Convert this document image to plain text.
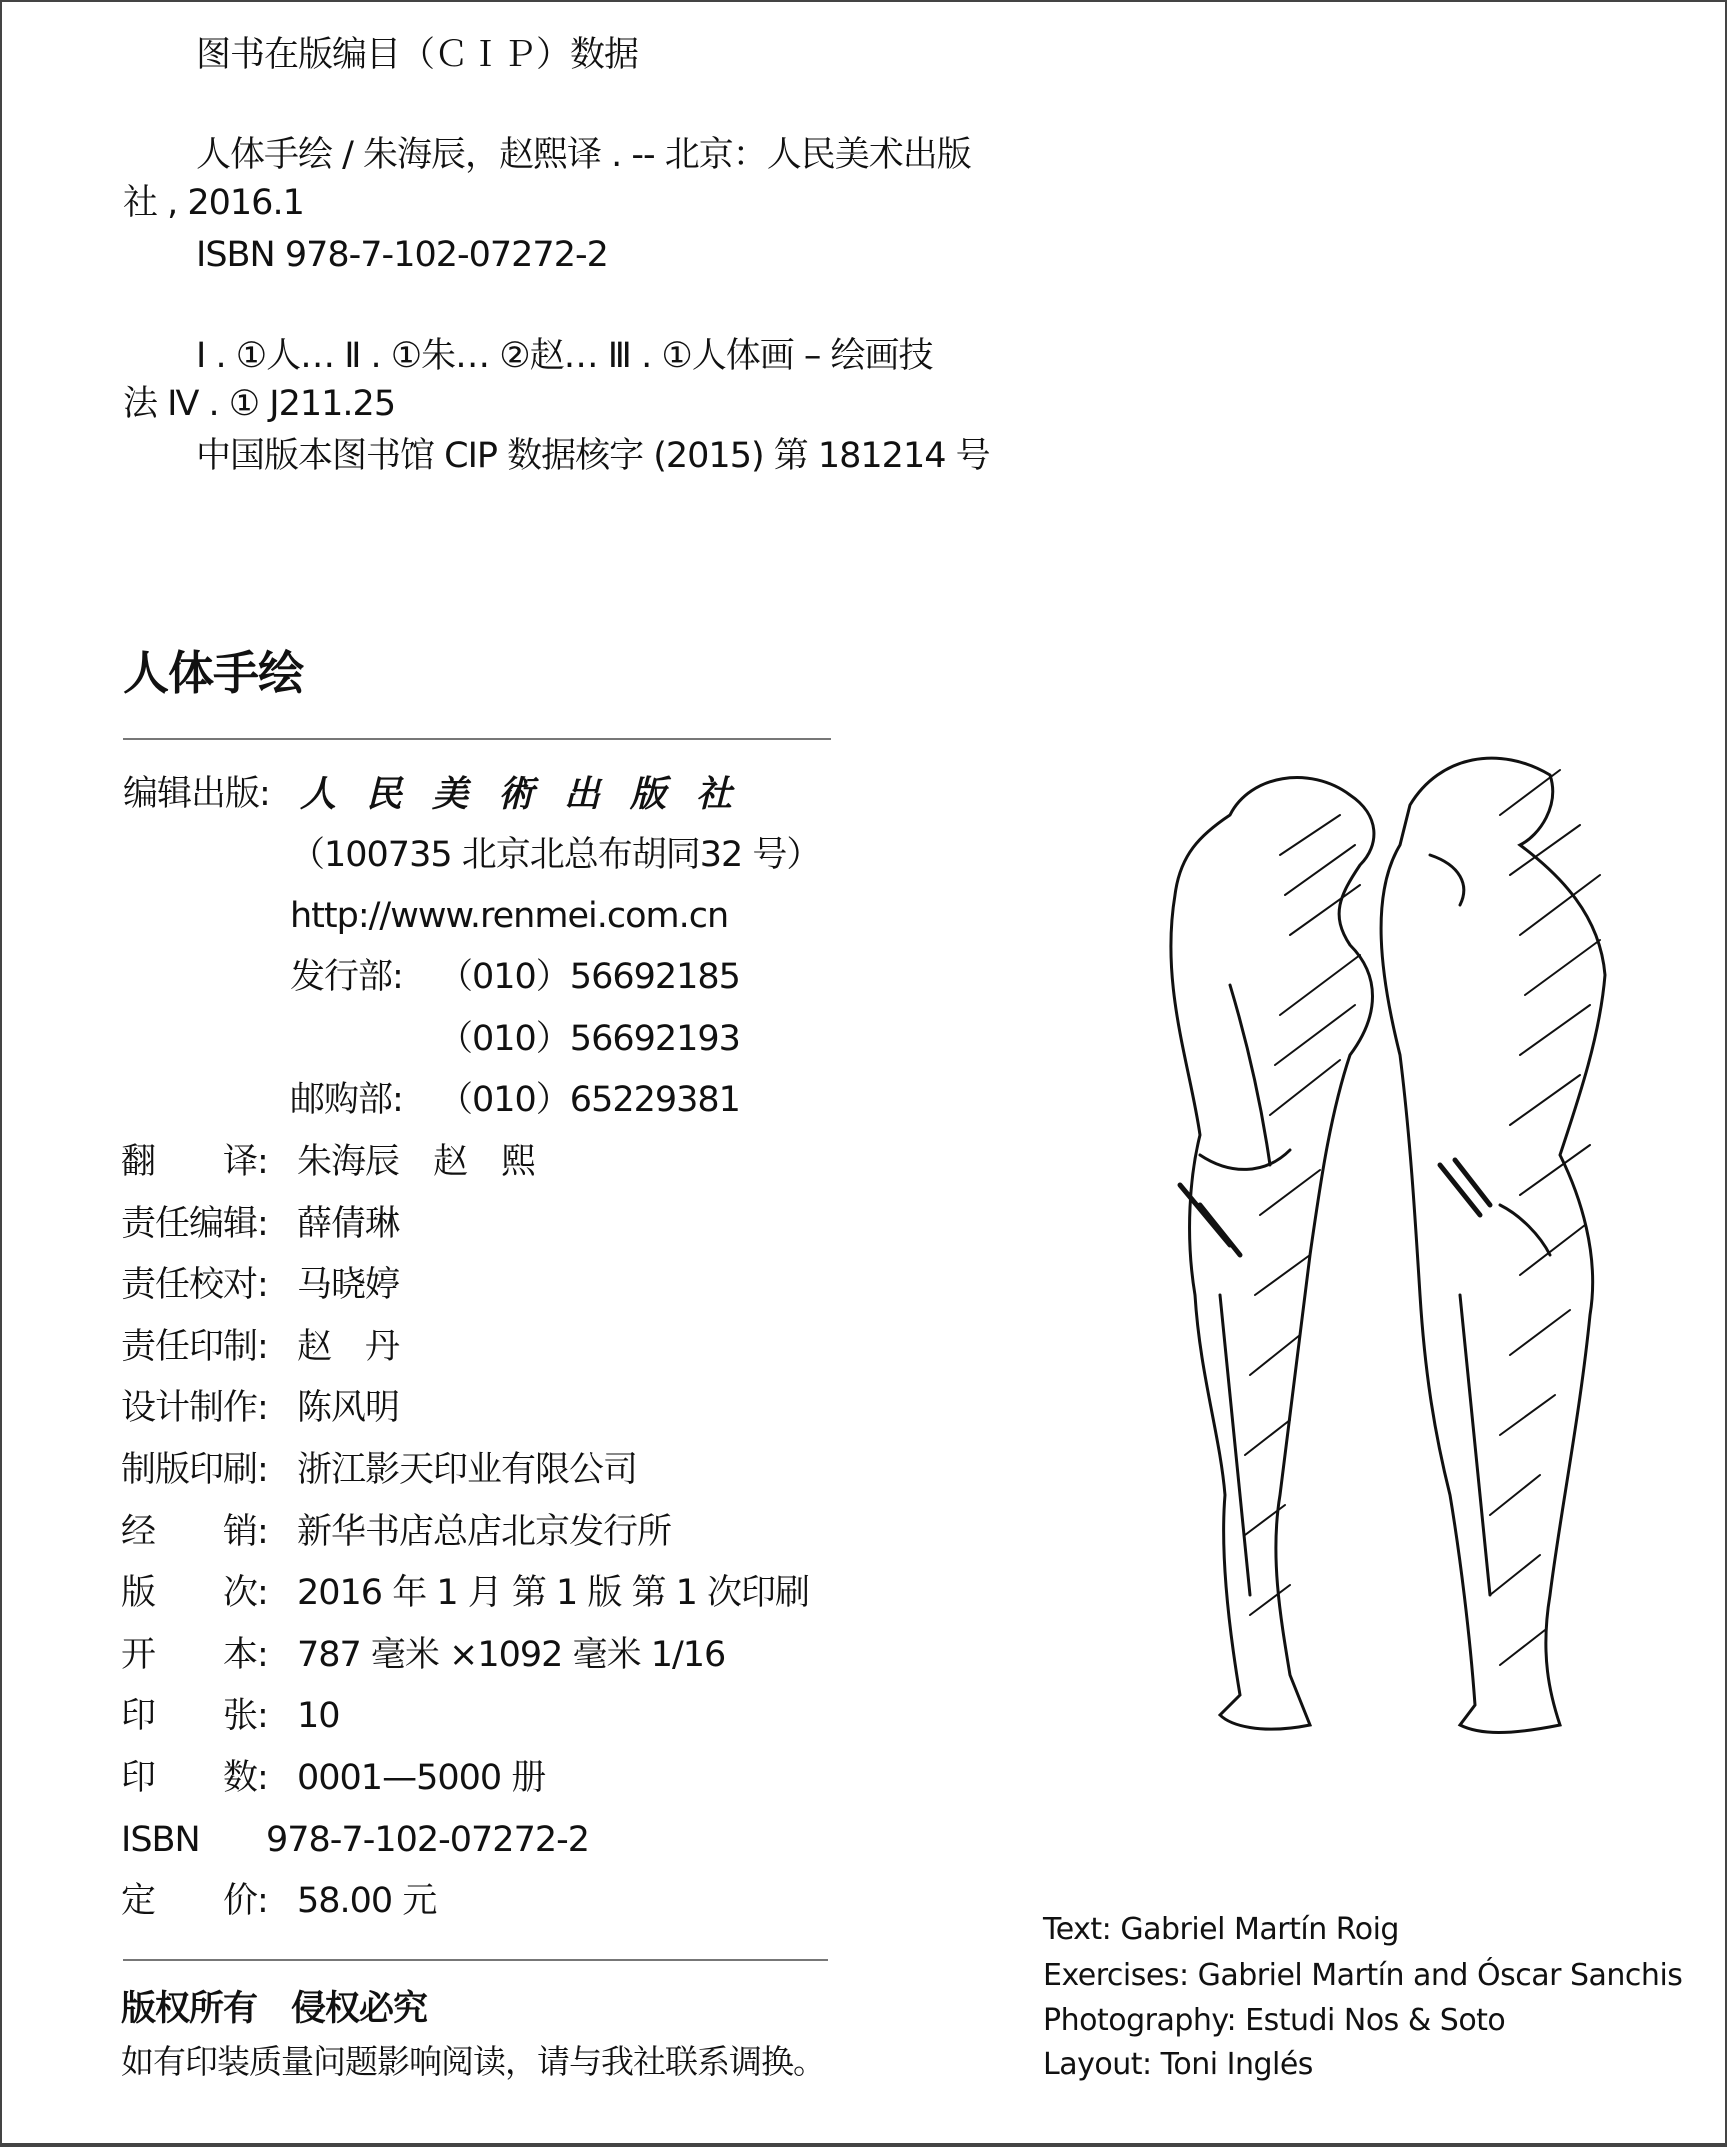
图书在版编目（ＣＩＰ）数据
人体手绘 / 朱海辰，赵熙译 . -- 北京：人民美术出版
社 , 2016.1
ISBN 978-7-102-07272-2
Ⅰ . ①人… Ⅱ . ①朱… ②赵… Ⅲ . ①人体画 – 绘画技
法 Ⅳ . ① J211.25
中国版本图书馆 CIP 数据核字 (2015) 第 181214 号
人体手绘
编辑出版: 人民美術出版社
（100735 北京北总布胡同32 号）
http://www.renmei.com.cn
发行部: （010）56692185
（010）56692193
邮购部: （010）65229381
翻　　译: 朱海辰　赵　熙
责任编辑: 薛倩琳
责任校对: 马晓婷
责任印制: 赵　丹
设计制作: 陈风明
制版印刷: 浙江影天印业有限公司
经　　销: 新华书店总店北京发行所
版　　次: 2016 年 1 月 第 1 版 第 1 次印刷
开　　本: 787 毫米 ×1092 毫米 1/16
印　　张: 10
印　　数: 0001—5000 册
ISBN 978-7-102-07272-2
定　　价: 58.00 元
版权所有　侵权必究
如有印装质量问题影响阅读，请与我社联系调换。
Text: Gabriel Martín Roig
Exercises: Gabriel Martín and Óscar Sanchis
Photography: Estudi Nos & Soto
Layout: Toni Inglés
